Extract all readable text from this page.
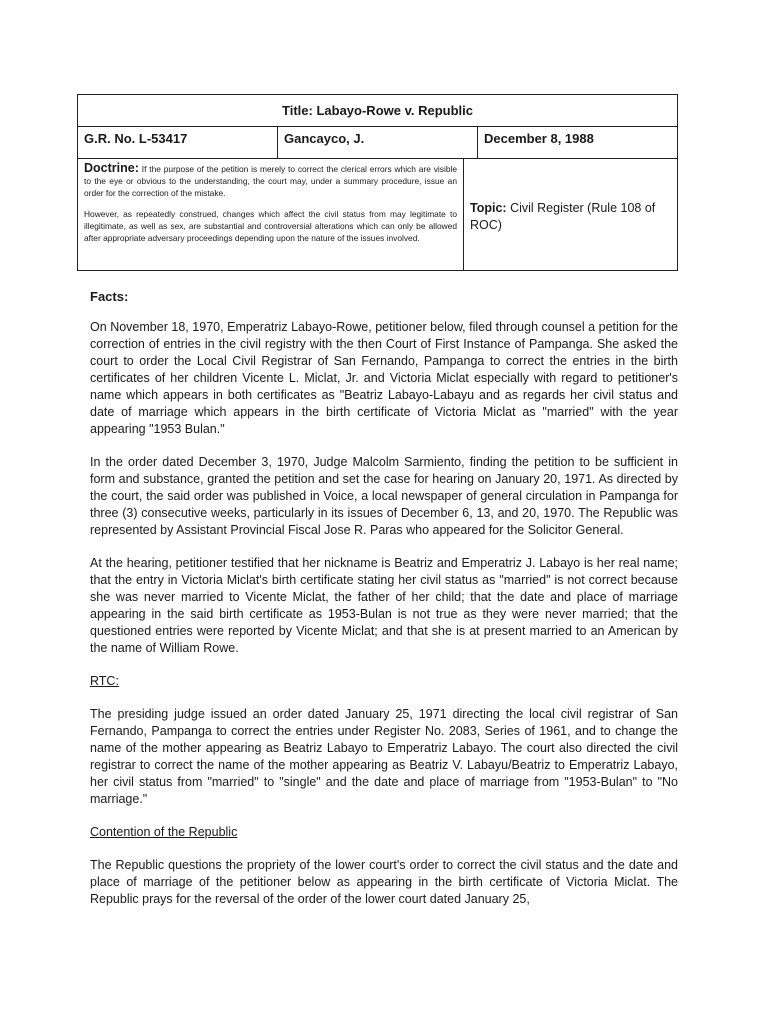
Title: Labayo-Rowe v. Republic
G.R. No. L-53417	Gancayco, J.	December 8, 1988

Doctrine: If the purpose of the petition is merely to correct the clerical errors which are visible to the eye or obvious to the understanding, the court may, under a summary procedure, issue an order for the correction of the mistake.

However, as repeatedly construed, changes which affect the civil status from may legitimate to illegitimate, as well as sex, are substantial and controversial alterations which can only be allowed after appropriate adversary proceedings depending upon the nature of the issues involved.

Topic: Civil Register (Rule 108 of ROC)

Facts:

On November 18, 1970, Emperatriz Labayo-Rowe, petitioner below, filed through counsel a petition for the correction of entries in the civil registry with the then Court of First Instance of Pampanga. She asked the court to order the Local Civil Registrar of San Fernando, Pampanga to correct the entries in the birth certificates of her children Vicente L. Miclat, Jr. and Victoria Miclat especially with regard to petitioner's name which appears in both certificates as "Beatriz Labayo-Labayu and as regards her civil status and date of marriage which appears in the birth certificate of Victoria Miclat as "married" with the year appearing "1953 Bulan."

In the order dated December 3, 1970, Judge Malcolm Sarmiento, finding the petition to be sufficient in form and substance, granted the petition and set the case for hearing on January 20, 1971. As directed by the court, the said order was published in Voice, a local newspaper of general circulation in Pampanga for three (3) consecutive weeks, particularly in its issues of December 6, 13, and 20, 1970. The Republic was represented by Assistant Provincial Fiscal Jose R. Paras who appeared for the Solicitor General.

At the hearing, petitioner testified that her nickname is Beatriz and Emperatriz J. Labayo is her real name; that the entry in Victoria Miclat's birth certificate stating her civil status as "married" is not correct because she was never married to Vicente Miclat, the father of her child; that the date and place of marriage appearing in the said birth certificate as 1953-Bulan is not true as they were never married; that the questioned entries were reported by Vicente Miclat; and that she is at present married to an American by the name of William Rowe.

RTC:

The presiding judge issued an order dated January 25, 1971 directing the local civil registrar of San Fernando, Pampanga to correct the entries under Register No. 2083, Series of 1961, and to change the name of the mother appearing as Beatriz Labayo to Emperatriz Labayo. The court also directed the civil registrar to correct the name of the mother appearing as Beatriz V. Labayu/Beatriz to Emperatriz Labayo, her civil status from "married" to "single" and the date and place of marriage from "1953-Bulan" to "No marriage."

Contention of the Republic

The Republic questions the propriety of the lower court's order to correct the civil status and the date and place of marriage of the petitioner below as appearing in the birth certificate of Victoria Miclat. The Republic prays for the reversal of the order of the lower court dated January 25,
